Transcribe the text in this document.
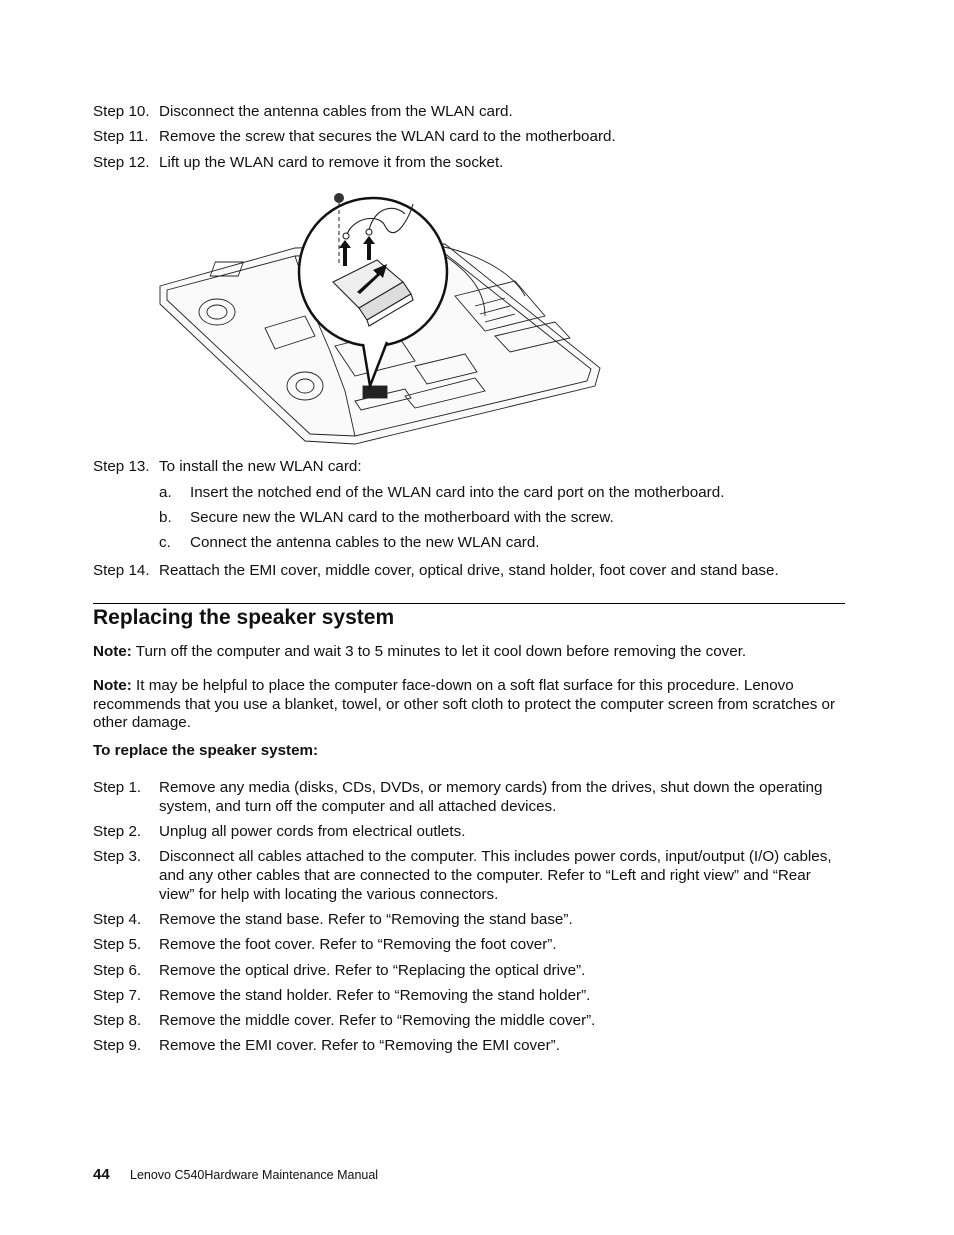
Step 10. Disconnect the antenna cables from the WLAN card.
Step 11. Remove the screw that secures the WLAN card to the motherboard.
Step 12. Lift up the WLAN card to remove it from the socket.
Step 13. To install the new WLAN card:
a. Insert the notched end of the WLAN card into the card port on the motherboard.
b. Secure new the WLAN card to the motherboard with the screw.
c. Connect the antenna cables to the new WLAN card.
Step 14. Reattach the EMI cover, middle cover, optical drive, stand holder, foot cover and stand base.
Replacing the speaker system
Note: Turn off the computer and wait 3 to 5 minutes to let it cool down before removing the cover.
Note: It may be helpful to place the computer face-down on a soft flat surface for this procedure. Lenovo recommends that you use a blanket, towel, or other soft cloth to protect the computer screen from scratches or other damage.
To replace the speaker system:
Step 1. Remove any media (disks, CDs, DVDs, or memory cards) from the drives, shut down the operating system, and turn off the computer and all attached devices.
Step 2. Unplug all power cords from electrical outlets.
Step 3. Disconnect all cables attached to the computer. This includes power cords, input/output (I/O) cables, and any other cables that are connected to the computer. Refer to “Left and right view” and “Rear view” for help with locating the various connectors.
Step 4. Remove the stand base. Refer to “Removing the stand base”.
Step 5. Remove the foot cover. Refer to “Removing the foot cover”.
Step 6. Remove the optical drive. Refer to “Replacing the optical drive”.
Step 7. Remove the stand holder. Refer to “Removing the stand holder”.
Step 8. Remove the middle cover. Refer to “Removing the middle cover”.
Step 9. Remove the EMI cover. Refer to “Removing the EMI cover”.
44 Lenovo C540Hardware Maintenance Manual
